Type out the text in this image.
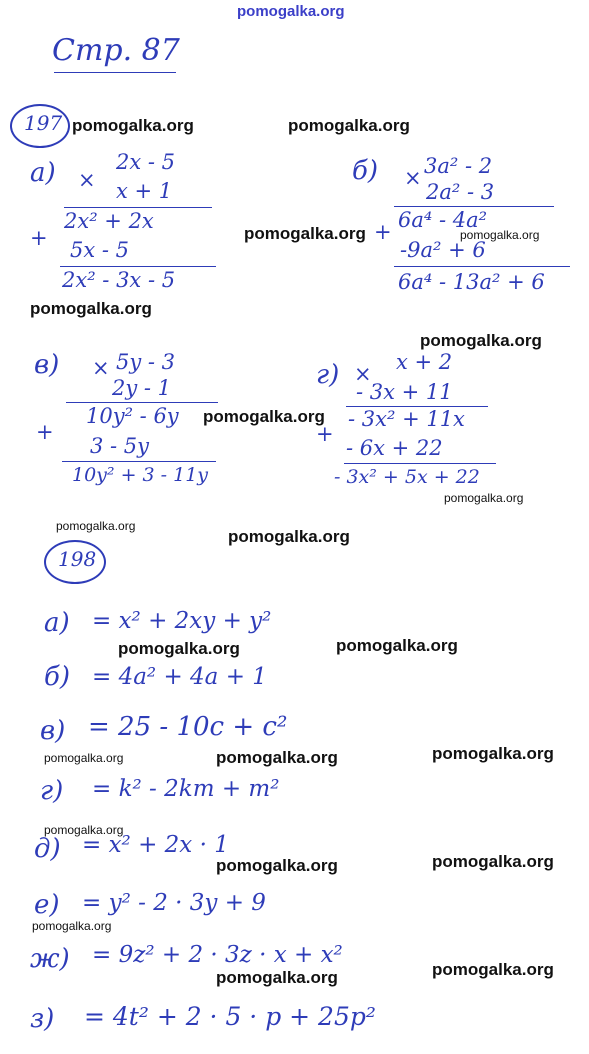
pomogalka.org
Стр. 87
197
а) ×
2x - 5
x + 1
2x² + 2x
+ 5x - 5
2x² - 3x - 5
б) × 3a² - 2
2a² - 3
6a⁴ - 4a²
+
-9a² + 6
6a⁴ - 13a² + 6
в) × 5y - 3
2y - 1
10y² - 6y
+
3 - 5y
10y² + 3 - 11y
г) × x + 2
- 3x + 11
- 3x² + 11x
+
- 6x + 22
- 3x² + 5x + 22
198
а) = x² + 2xy + y²
б) = 4a² + 4a + 1
в) = 25 - 10c + c²
г) = k² - 2km + m²
д) = x² + 2x · 1
е) = y² - 2 · 3y + 9
ж) = 9z² + 2 · 3z · x + x²
з) = 4t² + 2 · 5 · p + 25p²
pomogalka.org	pomogalka.org
pomogalka.org	pomogalka.org
pomogalka.org
pomogalka.org
pomogalka.org
pomogalka.org
pomogalka.org
pomogalka.org
pomogalka.org
pomogalka.org
pomogalka.org
pomogalka.org	pomogalka.org
pomogalka.org
pomogalka.org
pomogalka.org
pomogalka.org
pomogalka.org
pomogalka.org
